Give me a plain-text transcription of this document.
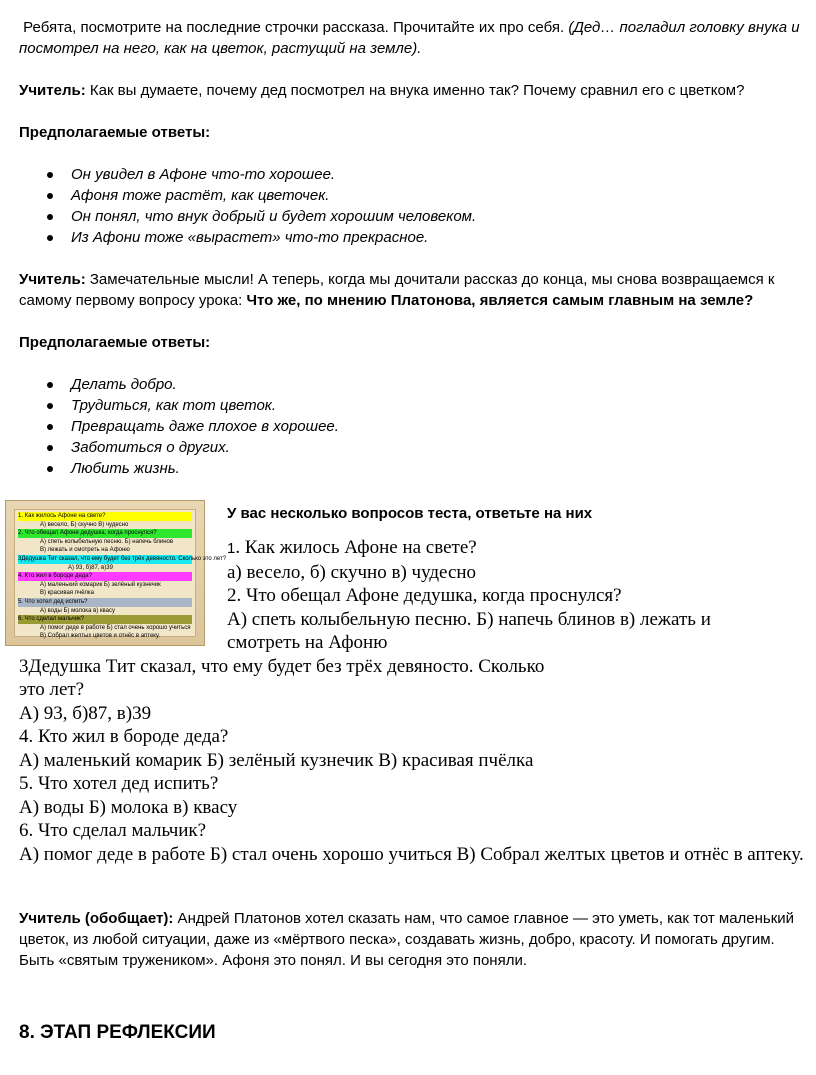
Ребята, посмотрите на последние строчки рассказа. Прочитайте их про себя. (Дед… погладил головку внука и посмотрел на него, как на цветок, растущий на земле).

Учитель: Как вы думаете, почему дед посмотрел на внука именно так? Почему сравнил его с цветком?

Предполагаемые ответы:

Он увидел в Афоне что-то хорошее.
Афоня тоже растёт, как цветочек.
Он понял, что внук добрый и будет хорошим человеком.
Из Афони тоже «вырастет» что-то прекрасное.

Учитель: Замечательные мысли! А теперь, когда мы дочитали рассказ до конца, мы снова возвращаемся к самому первому вопросу урока: Что же, по мнению Платонова, является самым главным на земле?

Предполагаемые ответы:

Делать добро.
Трудиться, как тот цветок.
Превращать даже плохое в хорошее.
Заботиться о других.
Любить жизнь.
1. Как жилось Афоне на свете?
А) весело, Б) скучно В) чудесно
2. Что обещал Афоне дедушка, когда проснулся?
А) спеть колыбельную песню. Б) напечь блинов
В) лежать и смотреть на Афоню
3Дедушка Тит сказал, что ему будет без трёх девяносто. Сколько это лет?
А) 93, б)87, в)39
4. Кто жил в бороде деда?
А) маленький комарик Б) зелёный кузнечик
В) красивая пчёлка
5. Что хотел дед испить?
А) воды Б) молока в) квасу
6. Что сделал мальчик?
А) помог деде в работе Б) стал очень хорошо учиться
В) Собрал желтых цветов и отнёс в аптеку.

У вас несколько вопросов теста, ответьте на них

1. Как жилось Афоне на свете?

а) весело, б) скучно в) чудесно

2. Что обещал Афоне дедушка, когда проснулся?

А) спеть колыбельную песню. Б) напечь блинов в) лежать и

смотреть на Афоню

3Дедушка Тит сказал, что ему будет без трёх девяносто. Сколько

это лет?

А) 93, б)87, в)39

4. Кто жил в бороде деда?

А) маленький комарик Б) зелёный кузнечик В) красивая пчёлка

5. Что хотел дед испить?

А) воды Б) молока в) квасу

6. Что сделал мальчик?

А) помог деде в работе Б) стал очень хорошо учиться В) Собрал желтых цветов и отнёс в аптеку.

Учитель (обобщает): Андрей Платонов хотел сказать нам, что самое главное — это уметь, как тот маленький цветок, из любой ситуации, даже из «мёртвого песка», создавать жизнь, добро, красоту. И помогать другим. Быть «святым тружеником». Афоня это понял. И вы сегодня это поняли.

8. ЭТАП РЕФЛЕКСИИ
